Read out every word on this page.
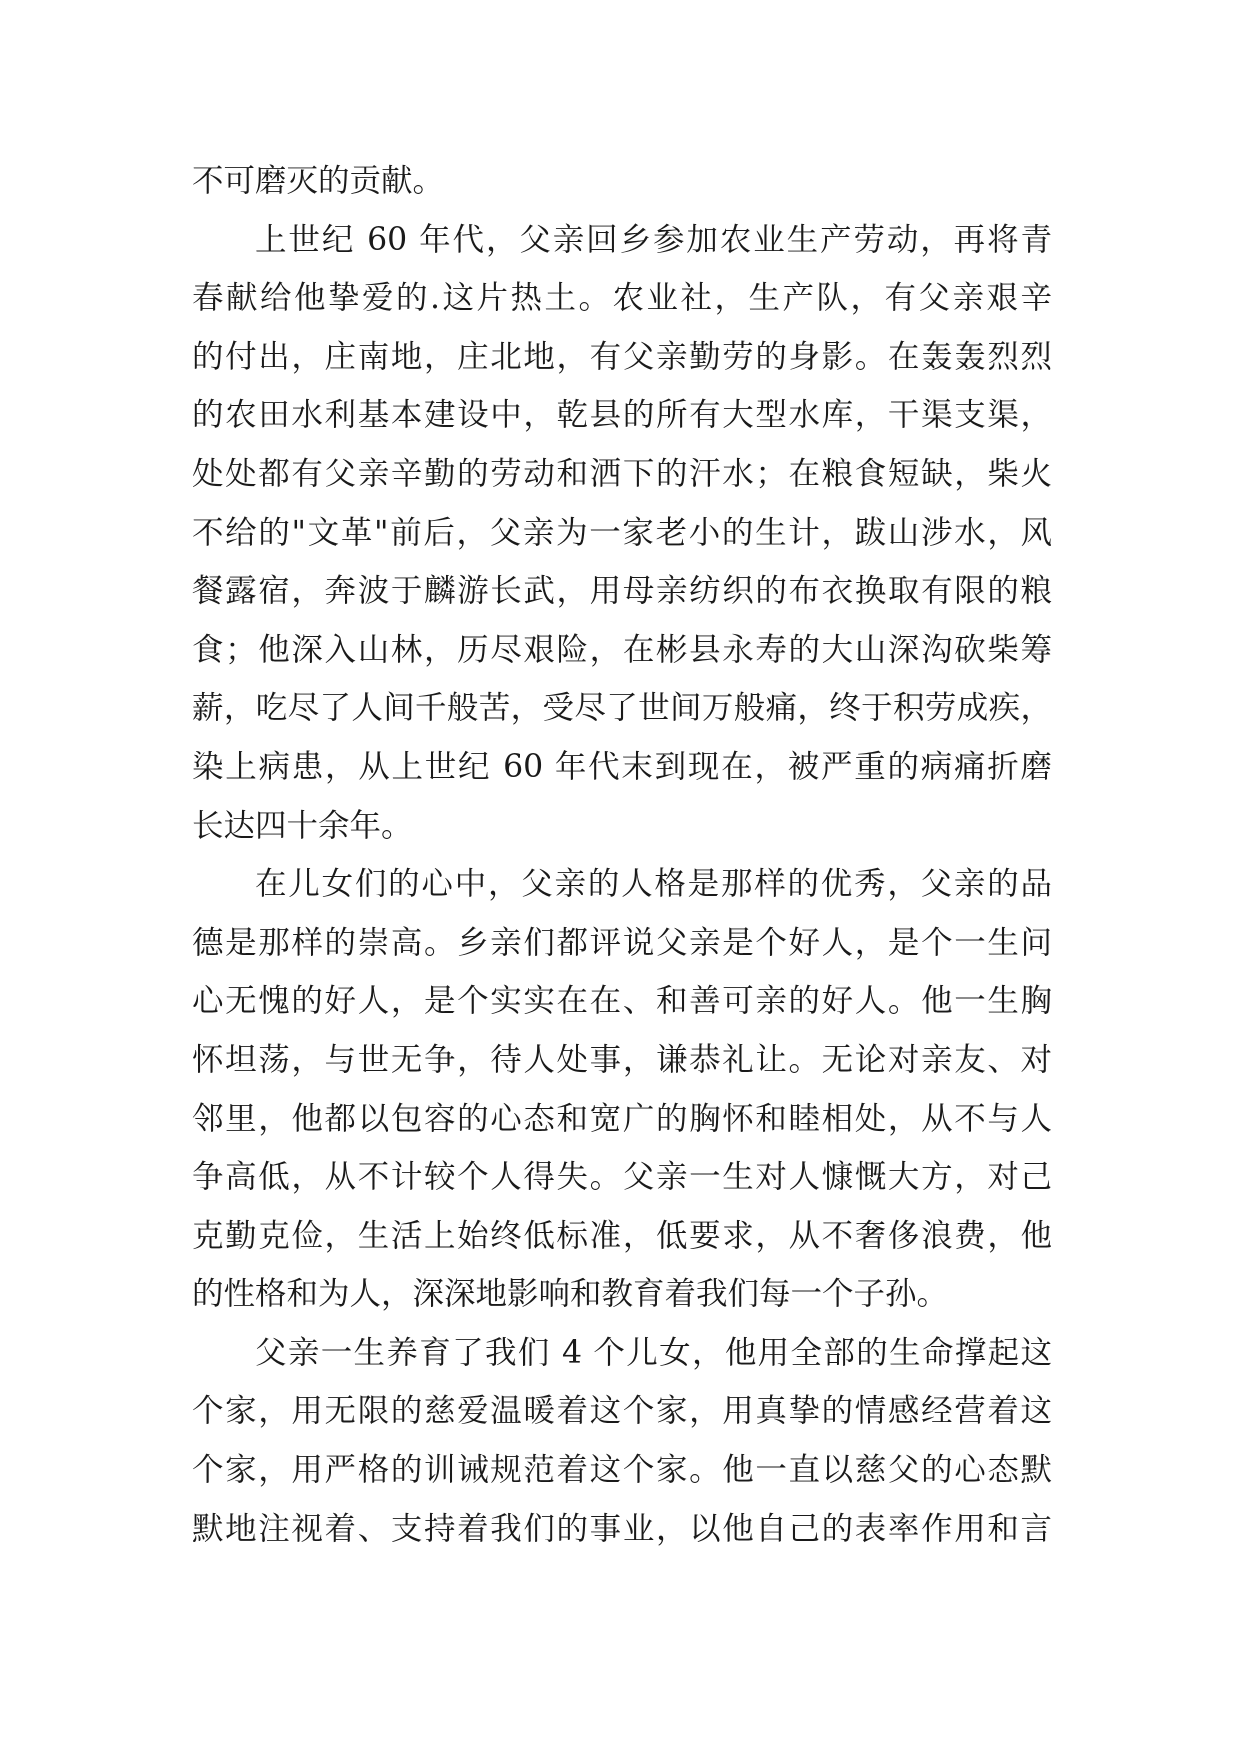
不可磨灭的贡献。
上世纪 60 年代，父亲回乡参加农业生产劳动，再将青
春献给他挚爱的.这片热土。农业社，生产队，有父亲艰辛
的付出，庄南地，庄北地，有父亲勤劳的身影。在轰轰烈烈
的农田水利基本建设中，乾县的所有大型水库，干渠支渠，
处处都有父亲辛勤的劳动和洒下的汗水；在粮食短缺，柴火
不给的"文革"前后，父亲为一家老小的生计，跋山涉水，风
餐露宿，奔波于麟游长武，用母亲纺织的布衣换取有限的粮
食；他深入山林，历尽艰险，在彬县永寿的大山深沟砍柴筹
薪，吃尽了人间千般苦，受尽了世间万般痛，终于积劳成疾，
染上病患，从上世纪 60 年代末到现在，被严重的病痛折磨
长达四十余年。
在儿女们的心中，父亲的人格是那样的优秀，父亲的品
德是那样的崇高。乡亲们都评说父亲是个好人，是个一生问
心无愧的好人，是个实实在在、和善可亲的好人。他一生胸
怀坦荡，与世无争，待人处事，谦恭礼让。无论对亲友、对
邻里，他都以包容的心态和宽广的胸怀和睦相处，从不与人
争高低，从不计较个人得失。父亲一生对人慷慨大方，对己
克勤克俭，生活上始终低标准，低要求，从不奢侈浪费，他
的性格和为人，深深地影响和教育着我们每一个子孙。
父亲一生养育了我们 4 个儿女，他用全部的生命撑起这
个家，用无限的慈爱温暖着这个家，用真挚的情感经营着这
个家，用严格的训诫规范着这个家。他一直以慈父的心态默
默地注视着、支持着我们的事业，以他自己的表率作用和言
